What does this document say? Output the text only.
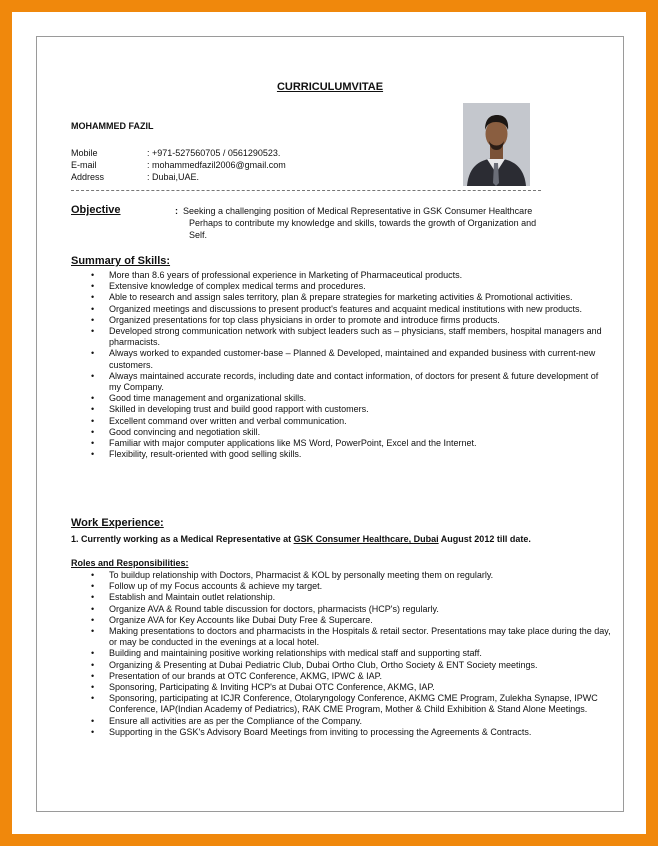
CURRICULUMVITAE
MOHAMMED FAZIL
Mobile	: +971-527560705 / 0561290523.
E-mail	: mohammedfazil2006@gmail.com
Address	: Dubai,UAE.
Objective	: Seeking a challenging position of Medical Representative in GSK Consumer Healthcare
Perhaps to contribute my knowledge and skills, towards the growth of Organization and
Self.
Summary of Skills:
• More than 8.6 years of professional experience in Marketing of Pharmaceutical products.
• Extensive knowledge of complex medical terms and procedures.
• Able to research and assign sales territory, plan & prepare strategies for marketing activities & Promotional activities.
• Organized meetings and discussions to present product's features and acquaint medical institutions with new products.
• Organized presentations for top class physicians in order to promote and introduce firms products.
• Developed strong communication network with subject leaders such as – physicians, staff members, hospital managers and pharmacists.
• Always worked to expanded customer-base – Planned & Developed, maintained and expanded business with current-new customers.
• Always maintained accurate records, including date and contact information, of doctors for present & future development of my Company.
• Good time management and organizational skills.
• Skilled in developing trust and build good rapport with customers.
• Excellent command over written and verbal communication.
• Good convincing and negotiation skill.
• Familiar with major computer applications like MS Word, PowerPoint, Excel and the Internet.
• Flexibility, result-oriented with good selling skills.
Work Experience:
1. Currently working as a Medical Representative at GSK Consumer Healthcare, Dubai August 2012 till date.
Roles and Responsibilities:
• To buildup relationship with Doctors, Pharmacist & KOL by personally meeting them on regularly.
• Follow up of my Focus accounts & achieve my target.
• Establish and Maintain outlet relationship.
• Organize AVA & Round table discussion for doctors, pharmacists (HCP's) regularly.
• Organize AVA for Key Accounts like Dubai Duty Free & Supercare.
• Making presentations to doctors and pharmacists in the Hospitals & retail sector. Presentations may take place during the day, or may be conducted in the evenings at a local hotel.
• Building and maintaining positive working relationships with medical staff and supporting staff.
• Organizing & Presenting at Dubai Pediatric Club, Dubai Ortho Club, Ortho Society & ENT Society meetings.
• Presentation of our brands at OTC Conference, AKMG, IPWC & IAP.
• Sponsoring, Participating & Inviting HCP's at Dubai OTC Conference, AKMG, IAP.
• Sponsoring, participating at ICJR Conference, Otolaryngology Conference, AKMG CME Program, Zulekha Synapse, IPWC Conference, IAP(Indian Academy of Pediatrics), RAK CME Program, Mother & Child Exhibition & Stand Alone Meetings.
• Ensure all activities are as per the Compliance of the Company.
• Supporting in the GSK's Advisory Board Meetings from inviting to processing the Agreements & Contracts.
